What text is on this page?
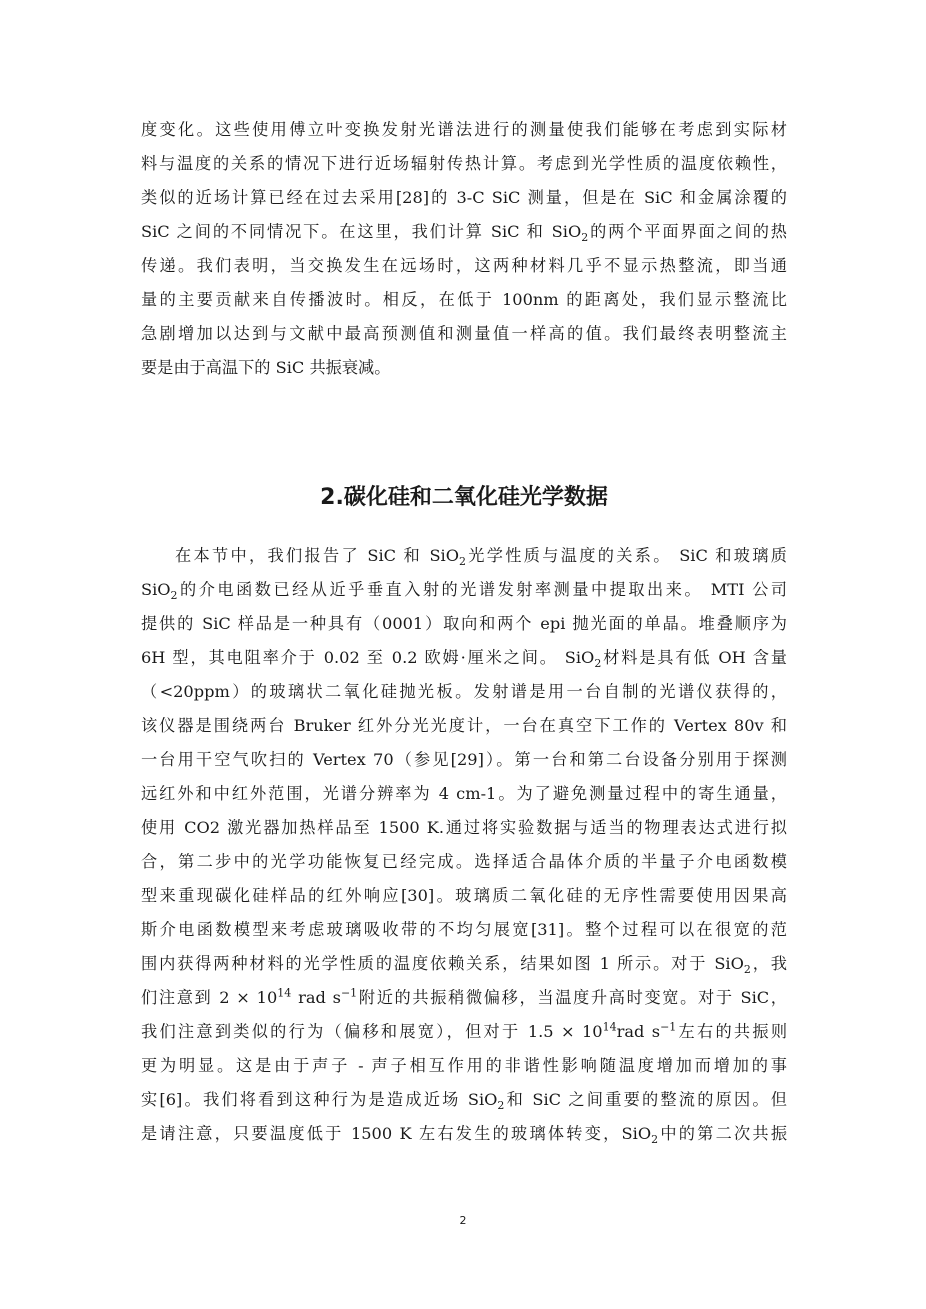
度变化。这些使用傅立叶变换发射光谱法进行的测量使我们能够在考虑到实际材
料与温度的关系的情况下进行近场辐射传热计算。考虑到光学性质的温度依赖性，
类似的近场计算已经在过去采用[28]的 3-C SiC 测量，但是在 SiC 和金属涂覆的
SiC 之间的不同情况下。在这里，我们计算 SiC 和 SiO$_2$的两个平面界面之间的热
传递。我们表明，当交换发生在远场时，这两种材料几乎不显示热整流，即当通
量的主要贡献来自传播波时。相反，在低于 100nm 的距离处，我们显示整流比
急剧增加以达到与文献中最高预测值和测量值一样高的值。我们最终表明整流主
要是由于高温下的 SiC 共振衰减。
2.碳化硅和二氧化硅光学数据
在本节中，我们报告了 SiC 和 SiO$_2$光学性质与温度的关系。 SiC 和玻璃质
SiO$_2$的介电函数已经从近乎垂直入射的光谱发射率测量中提取出来。 MTI 公司
提供的 SiC 样品是一种具有（0001）取向和两个 epi 抛光面的单晶。堆叠顺序为
6H 型，其电阻率介于 0.02 至 0.2 欧姆·厘米之间。 SiO$_2$材料是具有低 OH 含量
（<20ppm）的玻璃状二氧化硅抛光板。发射谱是用一台自制的光谱仪获得的，
该仪器是围绕两台 Bruker 红外分光光度计，一台在真空下工作的 Vertex 80v 和
一台用干空气吹扫的 Vertex 70（参见[29]）。第一台和第二台设备分别用于探测
远红外和中红外范围，光谱分辨率为 4 cm-1。为了避免测量过程中的寄生通量，
使用 CO2 激光器加热样品至 1500 K.通过将实验数据与适当的物理表达式进行拟
合，第二步中的光学功能恢复已经完成。选择适合晶体介质的半量子介电函数模
型来重现碳化硅样品的红外响应[30]。玻璃质二氧化硅的无序性需要使用因果高
斯介电函数模型来考虑玻璃吸收带的不均匀展宽[31]。整个过程可以在很宽的范
围内获得两种材料的光学性质的温度依赖关系，结果如图 1 所示。对于 SiO$_2$，我
们注意到 $2 \times 10^{14}$ rad $s^{-1}$附近的共振稍微偏移，当温度升高时变宽。对于 SiC，
我们注意到类似的行为（偏移和展宽），但对于 $1.5 \times 10^{14}rad$ $s^{-1}$左右的共振则
更为明显。这是由于声子 - 声子相互作用的非谐性影响随温度增加而增加的事
实[6]。我们将看到这种行为是造成近场 SiO$_2$和 SiC 之间重要的整流的原因。但
是请注意，只要温度低于 1500 K 左右发生的玻璃体转变，SiO$_2$中的第二次共振
2
